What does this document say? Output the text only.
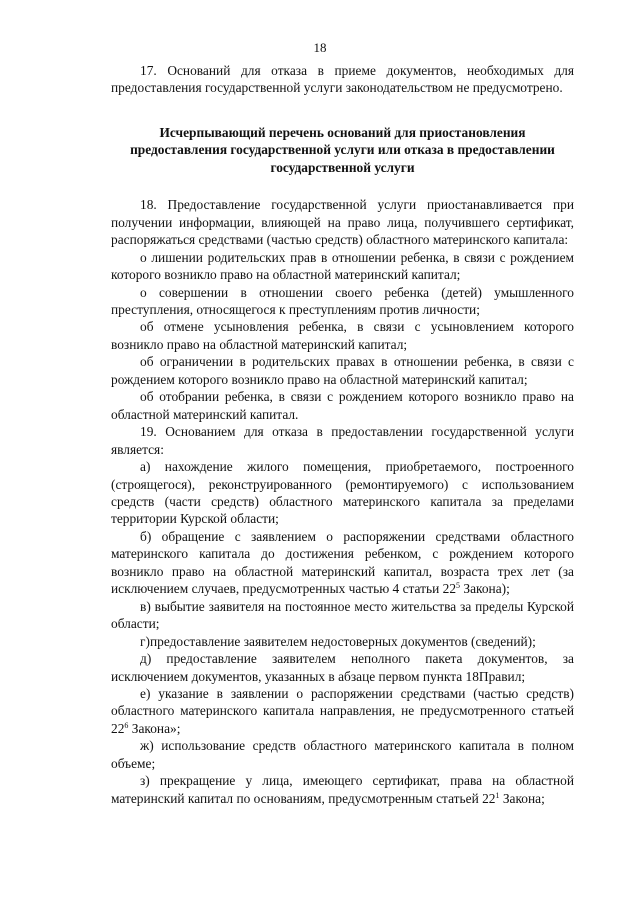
18

17. Оснований для отказа в приеме документов, необходимых для предоставления государственной услуги законодательством не предусмотрено.

Исчерпывающий перечень оснований для приостановления
предоставления государственной услуги или отказа в предоставлении
государственной услуги

18. Предоставление государственной услуги приостанавливается при получении информации, влияющей на право лица, получившего сертификат, распоряжаться средствами (частью средств) областного материнского капитала:

о лишении родительских прав в отношении ребенка, в связи с рождением которого возникло право на областной материнский капитал;

о совершении в отношении своего ребенка (детей) умышленного преступления, относящегося к преступлениям против личности;

об отмене усыновления ребенка, в связи с усыновлением которого возникло право на областной материнский капитал;

об ограничении в родительских правах в отношении ребенка, в связи с рождением которого возникло право на областной материнский капитал;

об отобрании ребенка, в связи с рождением которого возникло право на областной материнский капитал.

19. Основанием для отказа в предоставлении государственной услуги является:

а) нахождение жилого помещения, приобретаемого, построенного (строящегося), реконструированного (ремонтируемого) с использованием средств (части средств) областного материнского капитала за пределами территории Курской области;

б) обращение с заявлением о распоряжении средствами областного материнского капитала до достижения ребенком, с рождением которого возникло право на областной материнский капитал, возраста трех лет (за исключением случаев, предусмотренных частью 4 статьи $22^5$ Закона);

в) выбытие заявителя на постоянное место жительства за пределы Курской области;

г)предоставление заявителем недостоверных документов (сведений);

д) предоставление заявителем неполного пакета документов, за исключением документов, указанных в абзаце первом пункта 18Правил;

е) указание в заявлении о распоряжении средствами (частью средств) областного материнского капитала направления, не предусмотренного статьей $22^6$ Закона»;

ж) использование средств областного материнского капитала в полном объеме;

з) прекращение у лица, имеющего сертификат, права на областной материнский капитал по основаниям, предусмотренным статьей $22^1$ Закона;
